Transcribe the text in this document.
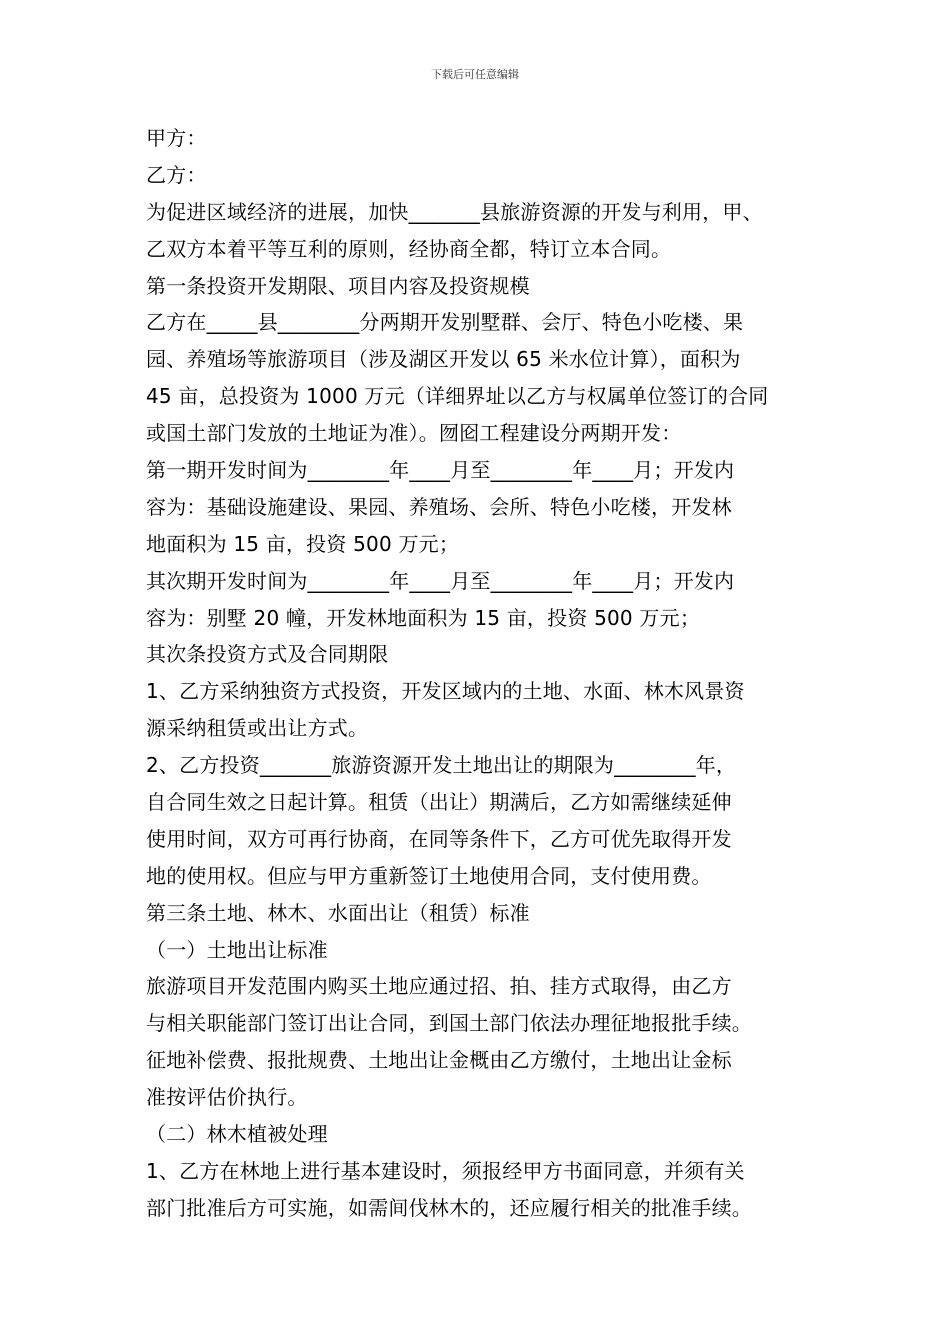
下载后可任意编辑
甲方：
乙方：
为促进区域经济的进展，加快_______县旅游资源的开发与利用，甲、
乙双方本着平等互利的原则，经协商全都，特订立本合同。
第一条投资开发期限、项目内容及投资规模
乙方在_____县________分两期开发别墅群、会厅、特色小吃楼、果
园、养殖场等旅游项目（涉及湖区开发以 65 米水位计算），面积为
45 亩，总投资为 1000 万元（详细界址以乙方与权属单位签订的合同
或国土部门发放的土地证为准）。囫囵工程建设分两期开发：
第一期开发时间为________年____月至________年____月；开发内
容为：基础设施建设、果园、养殖场、会所、特色小吃楼，开发林
地面积为 15 亩，投资 500 万元；
其次期开发时间为________年____月至________年____月；开发内
容为：别墅 20 幢，开发林地面积为 15 亩，投资 500 万元；
其次条投资方式及合同期限
1、乙方采纳独资方式投资，开发区域内的土地、水面、林木风景资
源采纳租赁或出让方式。
2、乙方投资_______旅游资源开发土地出让的期限为________年，
自合同生效之日起计算。租赁（出让）期满后，乙方如需继续延伸
使用时间，双方可再行协商，在同等条件下，乙方可优先取得开发
地的使用权。但应与甲方重新签订土地使用合同，支付使用费。
第三条土地、林木、水面出让（租赁）标准
（一）土地出让标准
旅游项目开发范围内购买土地应通过招、拍、挂方式取得，由乙方
与相关职能部门签订出让合同，到国土部门依法办理征地报批手续。
征地补偿费、报批规费、土地出让金概由乙方缴付，土地出让金标
准按评估价执行。
（二）林木植被处理
1、乙方在林地上进行基本建设时，须报经甲方书面同意，并须有关
部门批准后方可实施，如需间伐林木的，还应履行相关的批准手续。
